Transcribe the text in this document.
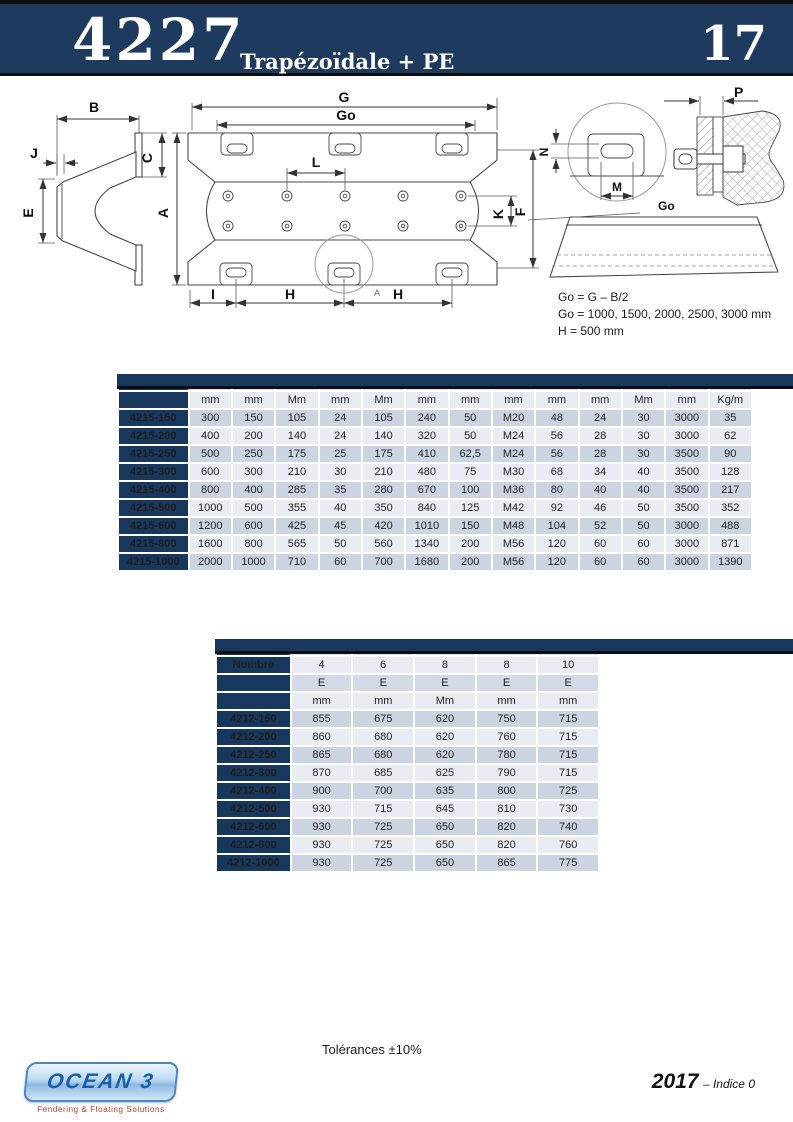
4227
Trapézoïdale + PE	17
B
J	C
E
G
Go
L
A	K F
I	H	H
A
N
M
P
Go
Go = G – B/2
Go = 1000, 1500, 2000, 2500, 3000 mm
H = 500 mm

	mm	mm	Mm	mm	Mm	mm	mm	mm	mm	mm	Mm	mm	Kg/m
4215-150	300	150	105	24	105	240	50	M20	48	24	30	3000	35
4215-200	400	200	140	24	140	320	50	M24	56	28	30	3000	62
4215-250	500	250	175	25	175	410	62,5	M24	56	28	30	3500	90
4215-300	600	300	210	30	210	480	75	M30	68	34	40	3500	128
4215-400	800	400	285	35	280	670	100	M36	80	40	40	3500	217
4215-500	1000	500	355	40	350	840	125	M42	92	46	50	3500	352
4215-600	1200	600	425	45	420	1010	150	M48	104	52	50	3000	488
4215-800	1600	800	565	50	560	1340	200	M56	120	60	60	3000	871
4215-1000	2000	1000	710	60	700	1680	200	M56	120	60	60	3000	1390

Nombre	4	6	8	8	10
	E	E	E	E	E
	mm	mm	Mm	mm	mm
4212-150	855	675	620	750	715
4212-200	860	680	620	760	715
4212-250	865	680	620	780	715
4212-300	870	685	625	790	715
4212-400	900	700	635	800	725
4212-500	930	715	645	810	730
4212-600	930	725	650	820	740
4212-800	930	725	650	820	760
4212-1000	930	725	650	865	775
Tolérances ±10%
OCEAN 3
Fendering & Floating Solutions
2017 – Indice 0
